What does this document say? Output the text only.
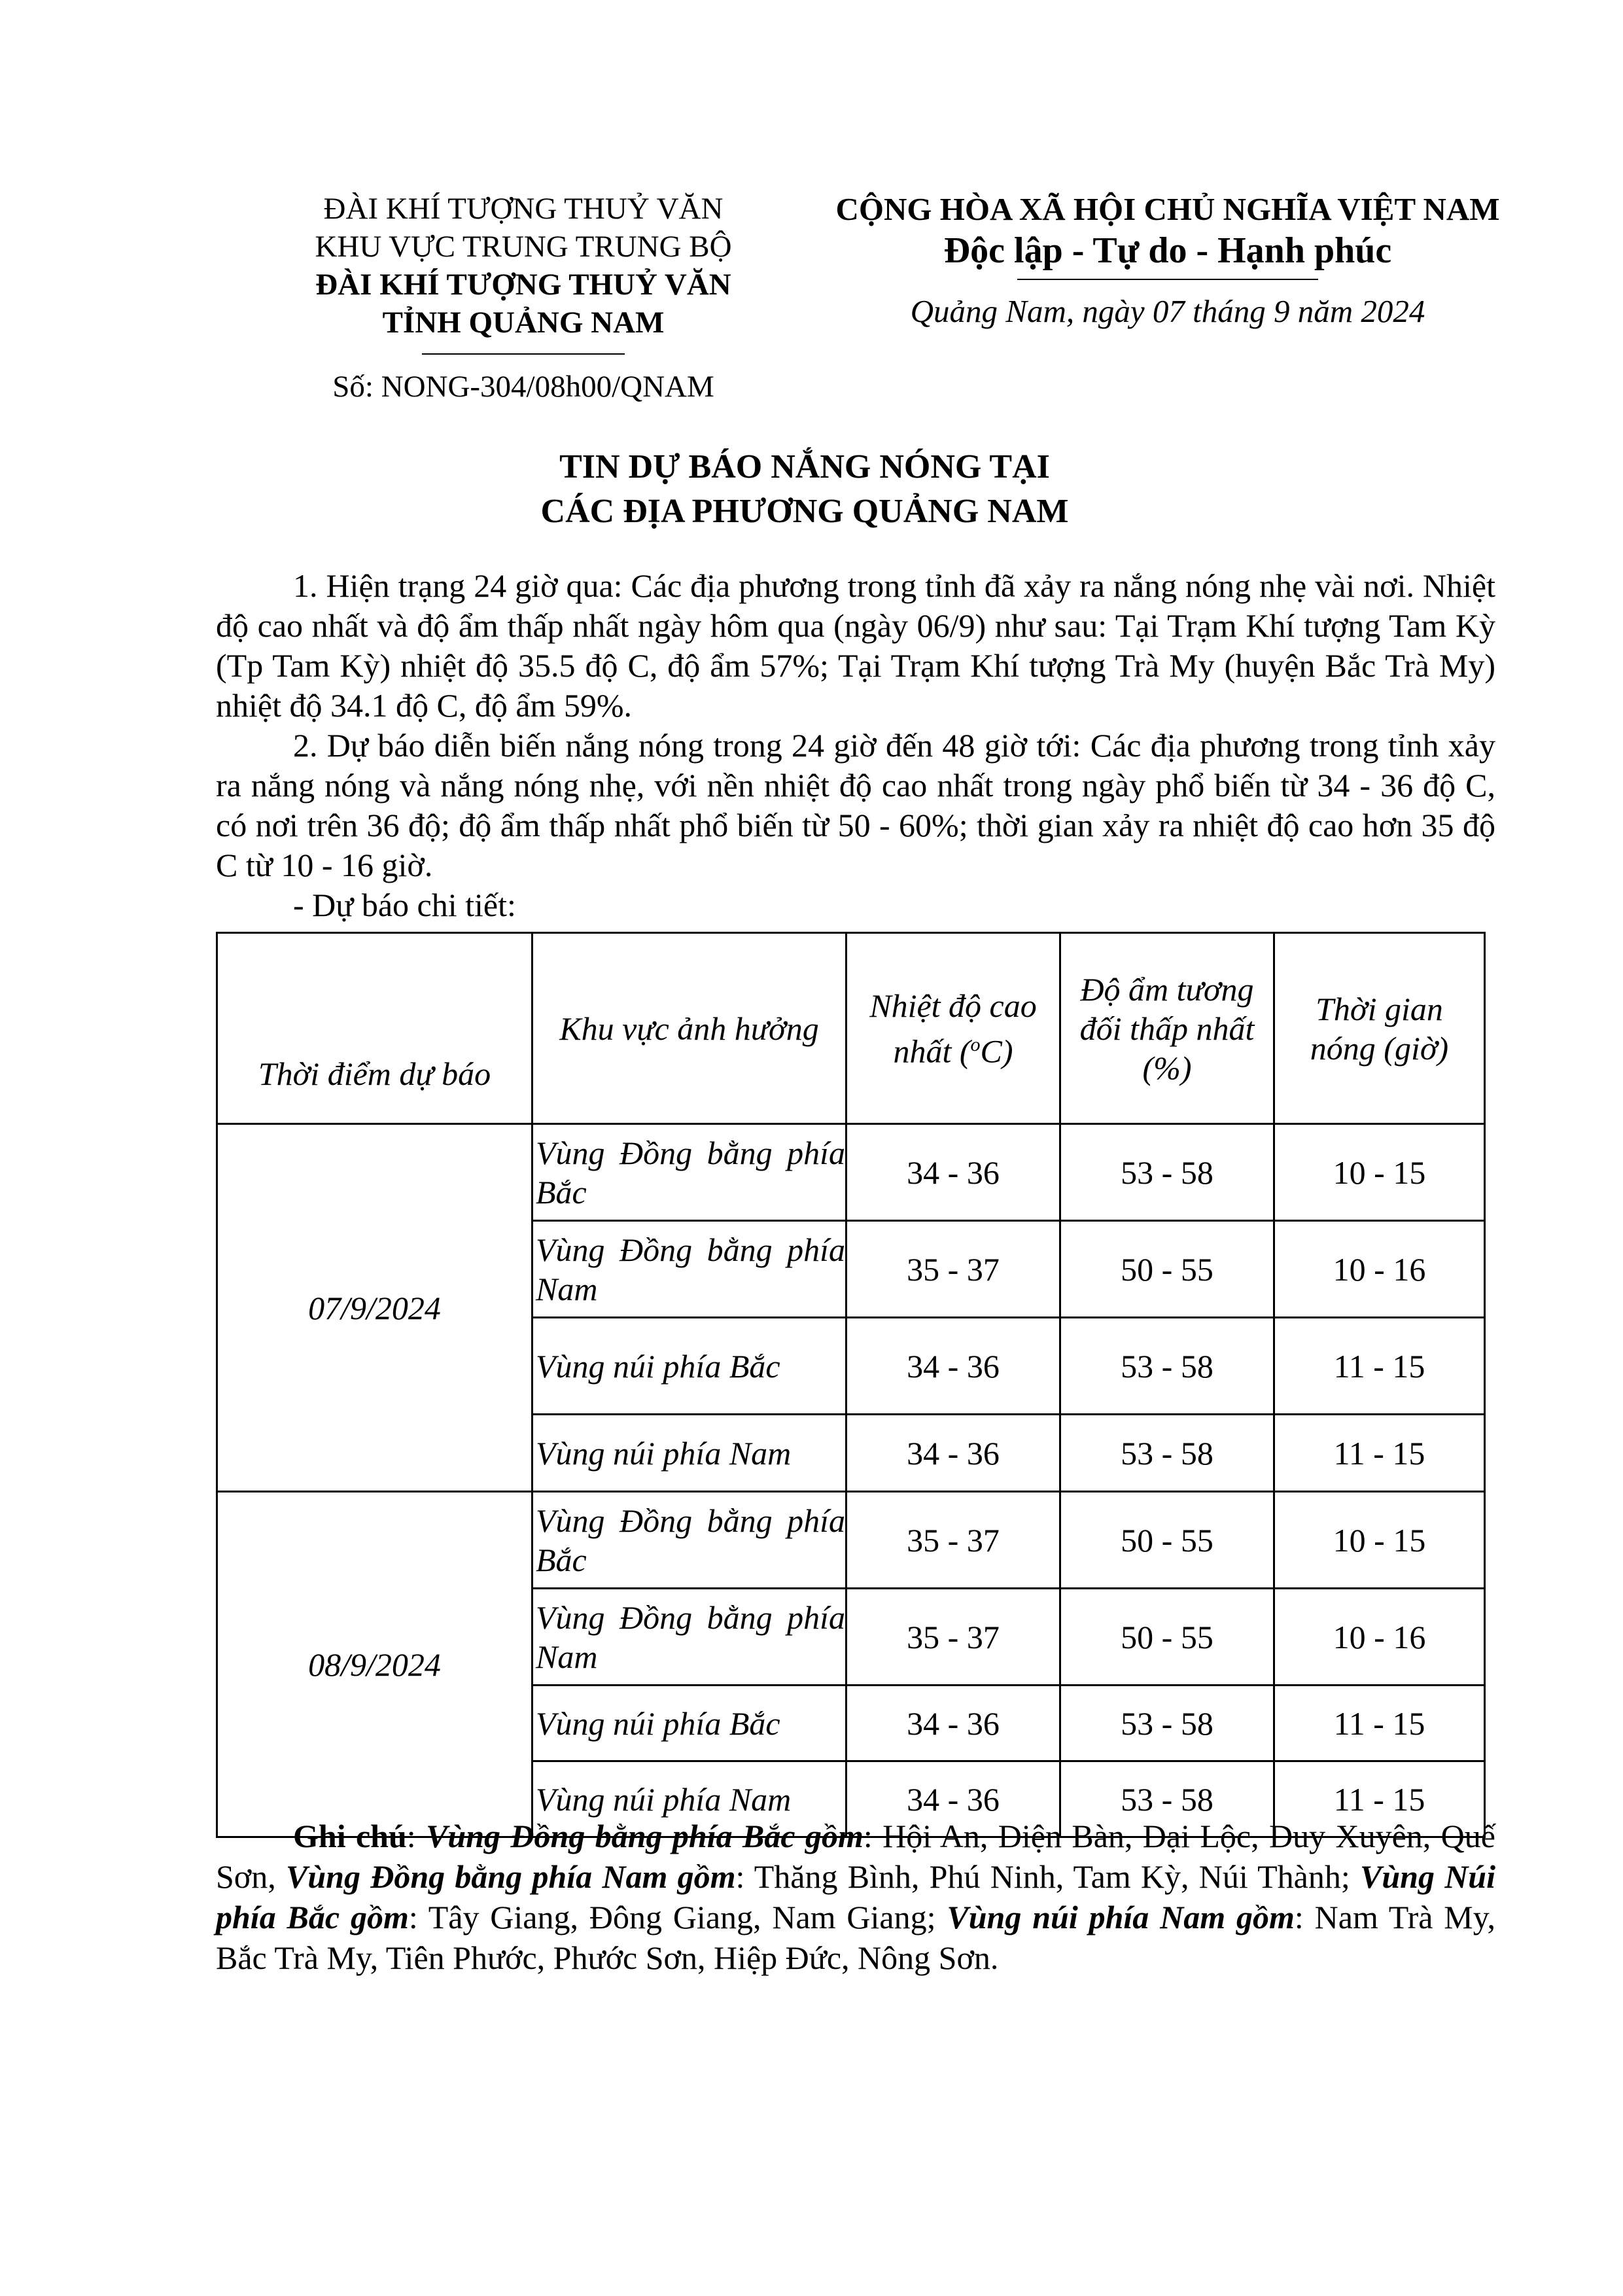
ĐÀI KHÍ TƯỢNG THUỶ VĂN
KHU VỰC TRUNG TRUNG BỘ
ĐÀI KHÍ TƯỢNG THUỶ VĂN
TỈNH QUẢNG NAM
Số: NONG-304/08h00/QNAM
CỘNG HÒA XÃ HỘI CHỦ NGHĨA VIỆT NAM
Độc lập - Tự do - Hạnh phúc
Quảng Nam, ngày 07 tháng 9 năm 2024
TIN DỰ BÁO NẮNG NÓNG TẠI
CÁC ĐỊA PHƯƠNG QUẢNG NAM

1. Hiện trạng 24 giờ qua: Các địa phương trong tỉnh đã xảy ra nắng nóng nhẹ vài nơi. Nhiệt độ cao nhất và độ ẩm thấp nhất ngày hôm qua (ngày 06/9) như sau: Tại Trạm Khí tượng Tam Kỳ (Tp Tam Kỳ) nhiệt độ 35.5 độ C, độ ẩm 57%; Tại Trạm Khí tượng Trà My (huyện Bắc Trà My) nhiệt độ 34.1 độ C, độ ẩm 59%.

2. Dự báo diễn biến nắng nóng trong 24 giờ đến 48 giờ tới: Các địa phương trong tỉnh xảy ra nắng nóng và nắng nóng nhẹ, với nền nhiệt độ cao nhất trong ngày phổ biến từ 34 - 36 độ C, có nơi trên 36 độ; độ ẩm thấp nhất phổ biến từ 50 - 60%; thời gian xảy ra nhiệt độ cao hơn 35 độ C từ 10 - 16 giờ.

- Dự báo chi tiết:

Thời điểm dự báo	Khu vực ảnh hưởng	Nhiệt độ cao nhất ($^o$C)	Độ ẩm tương đối thấp nhất (%)	Thời gian nóng (giờ)
07/9/2024	Vùng Đồng bằng phía Bắc	34 - 36	53 - 58	10 - 15

	Vùng Đồng bằng phía Nam	35 - 37	50 - 55	10 - 16
	Vùng núi phía Bắc	34 - 36	53 - 58	11 - 15
	Vùng núi phía Nam	34 - 36	53 - 58	11 - 15
08/9/2024	Vùng Đồng bằng phía Bắc	35 - 37	50 - 55	10 - 15

	Vùng Đồng bằng phía Nam	35 - 37	50 - 55	10 - 16
	Vùng núi phía Bắc	34 - 36	53 - 58	11 - 15
	Vùng núi phía Nam	34 - 36	53 - 58	11 - 15
Ghi chú: Vùng Đồng bằng phía Bắc gồm: Hội An, Điện Bàn, Đại Lộc, Duy Xuyên, Quế Sơn, Vùng Đồng bằng phía Nam gồm: Thăng Bình, Phú Ninh, Tam Kỳ, Núi Thành; Vùng Núi phía Bắc gồm: Tây Giang, Đông Giang, Nam Giang; Vùng núi phía Nam gồm: Nam Trà My, Bắc Trà My, Tiên Phước, Phước Sơn, Hiệp Đức, Nông Sơn.
